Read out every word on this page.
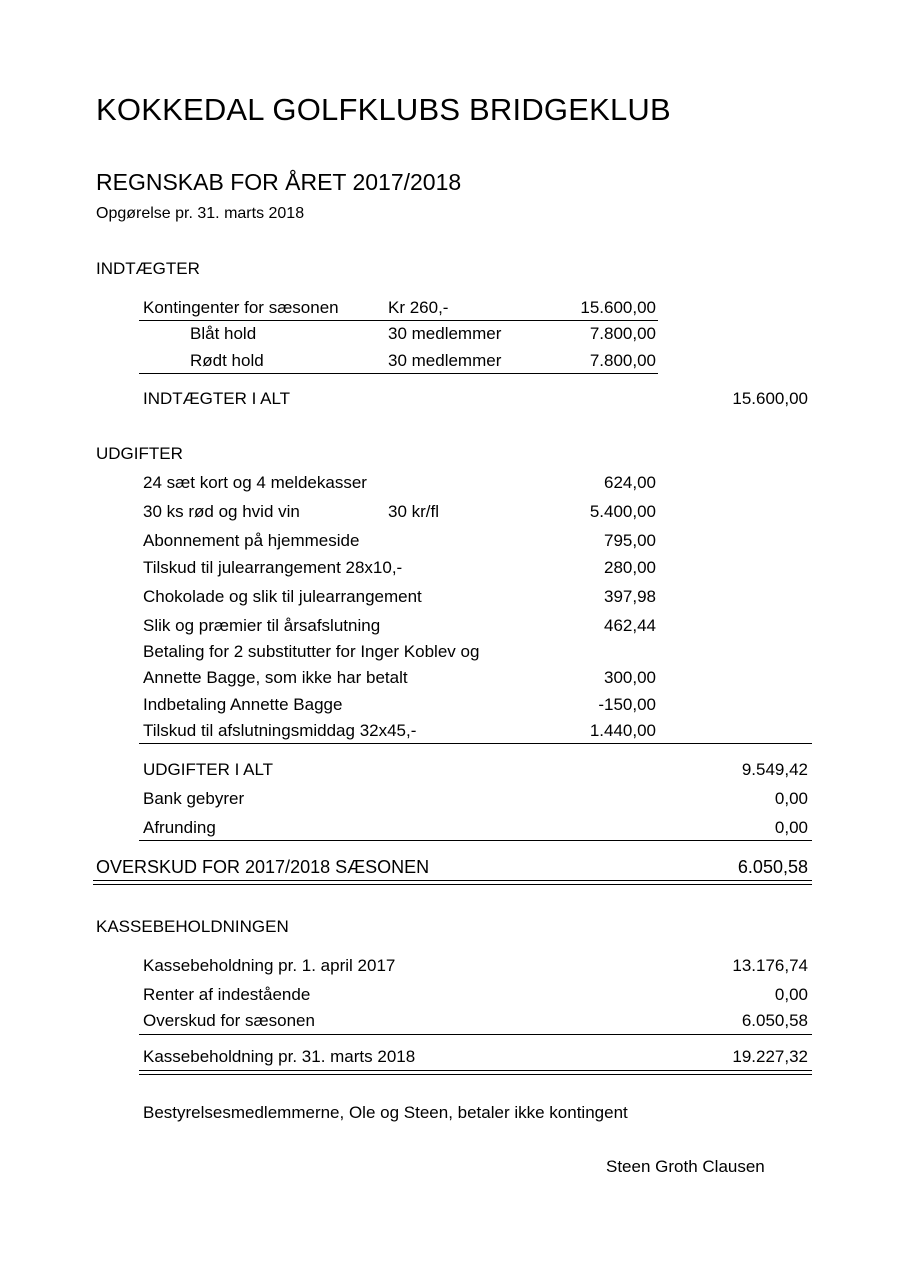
KOKKEDAL GOLFKLUBS BRIDGEKLUB
REGNSKAB FOR ÅRET 2017/2018
Opgørelse pr. 31. marts 2018
INDTÆGTER
Kontingenter for sæsonen	Kr 260,-	15.600,00
Blåt hold	30 medlemmer	7.800,00
Rødt hold	30 medlemmer	7.800,00
INDTÆGTER I ALT	15.600,00
UDGIFTER
24 sæt kort og 4 meldekasser	624,00
30 ks rød og hvid vin	30 kr/fl	5.400,00
Abonnement på hjemmeside	795,00
Tilskud til julearrangement 28x10,-	280,00
Chokolade og slik til julearrangement	397,98
Slik og præmier til årsafslutning	462,44
Betaling for 2 substitutter for Inger Koblev og
Annette Bagge, som ikke har betalt	300,00
Indbetaling Annette Bagge	-150,00
Tilskud til afslutningsmiddag 32x45,-	1.440,00
UDGIFTER I ALT	9.549,42
Bank gebyrer	0,00
Afrunding	0,00
OVERSKUD FOR 2017/2018 SÆSONEN	6.050,58
KASSEBEHOLDNINGEN
Kassebeholdning pr. 1. april 2017	13.176,74
Renter af indestående	0,00
Overskud for sæsonen	6.050,58
Kassebeholdning pr. 31. marts 2018	19.227,32
Bestyrelsesmedlemmerne, Ole og Steen, betaler ikke kontingent
Steen Groth Clausen
